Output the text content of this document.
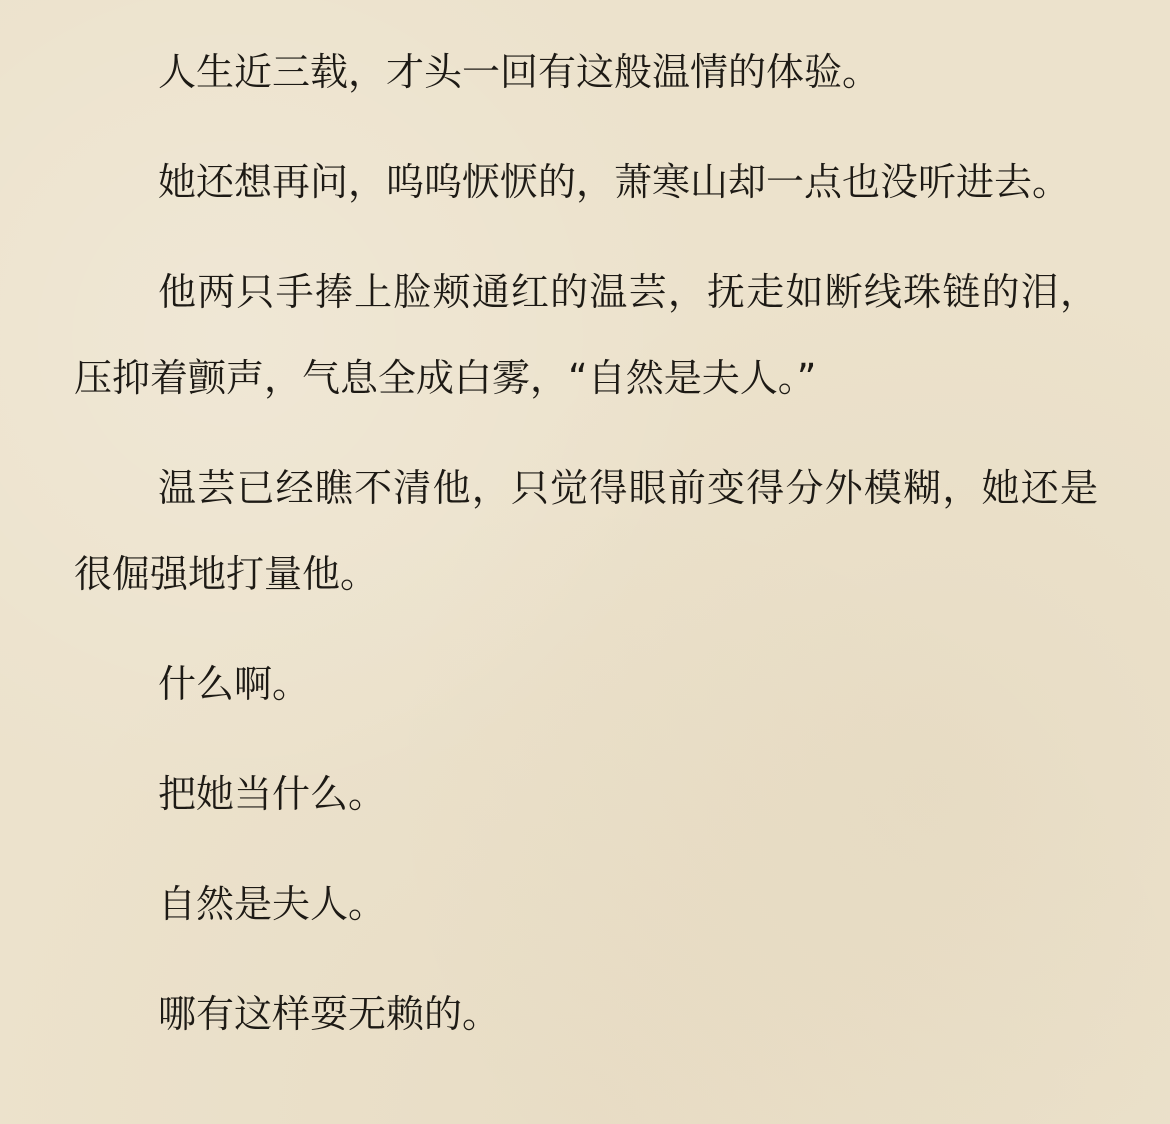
人生近三载，才头一回有这般温情的体验。

她还想再问，呜呜恹恹的，萧寒山却一点也没听进去。

他两只手捧上脸颊通红的温芸，抚走如断线珠链的泪，压抑着颤声，气息全成白雾，“自然是夫人。”

温芸已经瞧不清他，只觉得眼前变得分外模糊，她还是很倔强地打量他。

什么啊。

把她当什么。

自然是夫人。

哪有这样耍无赖的。
